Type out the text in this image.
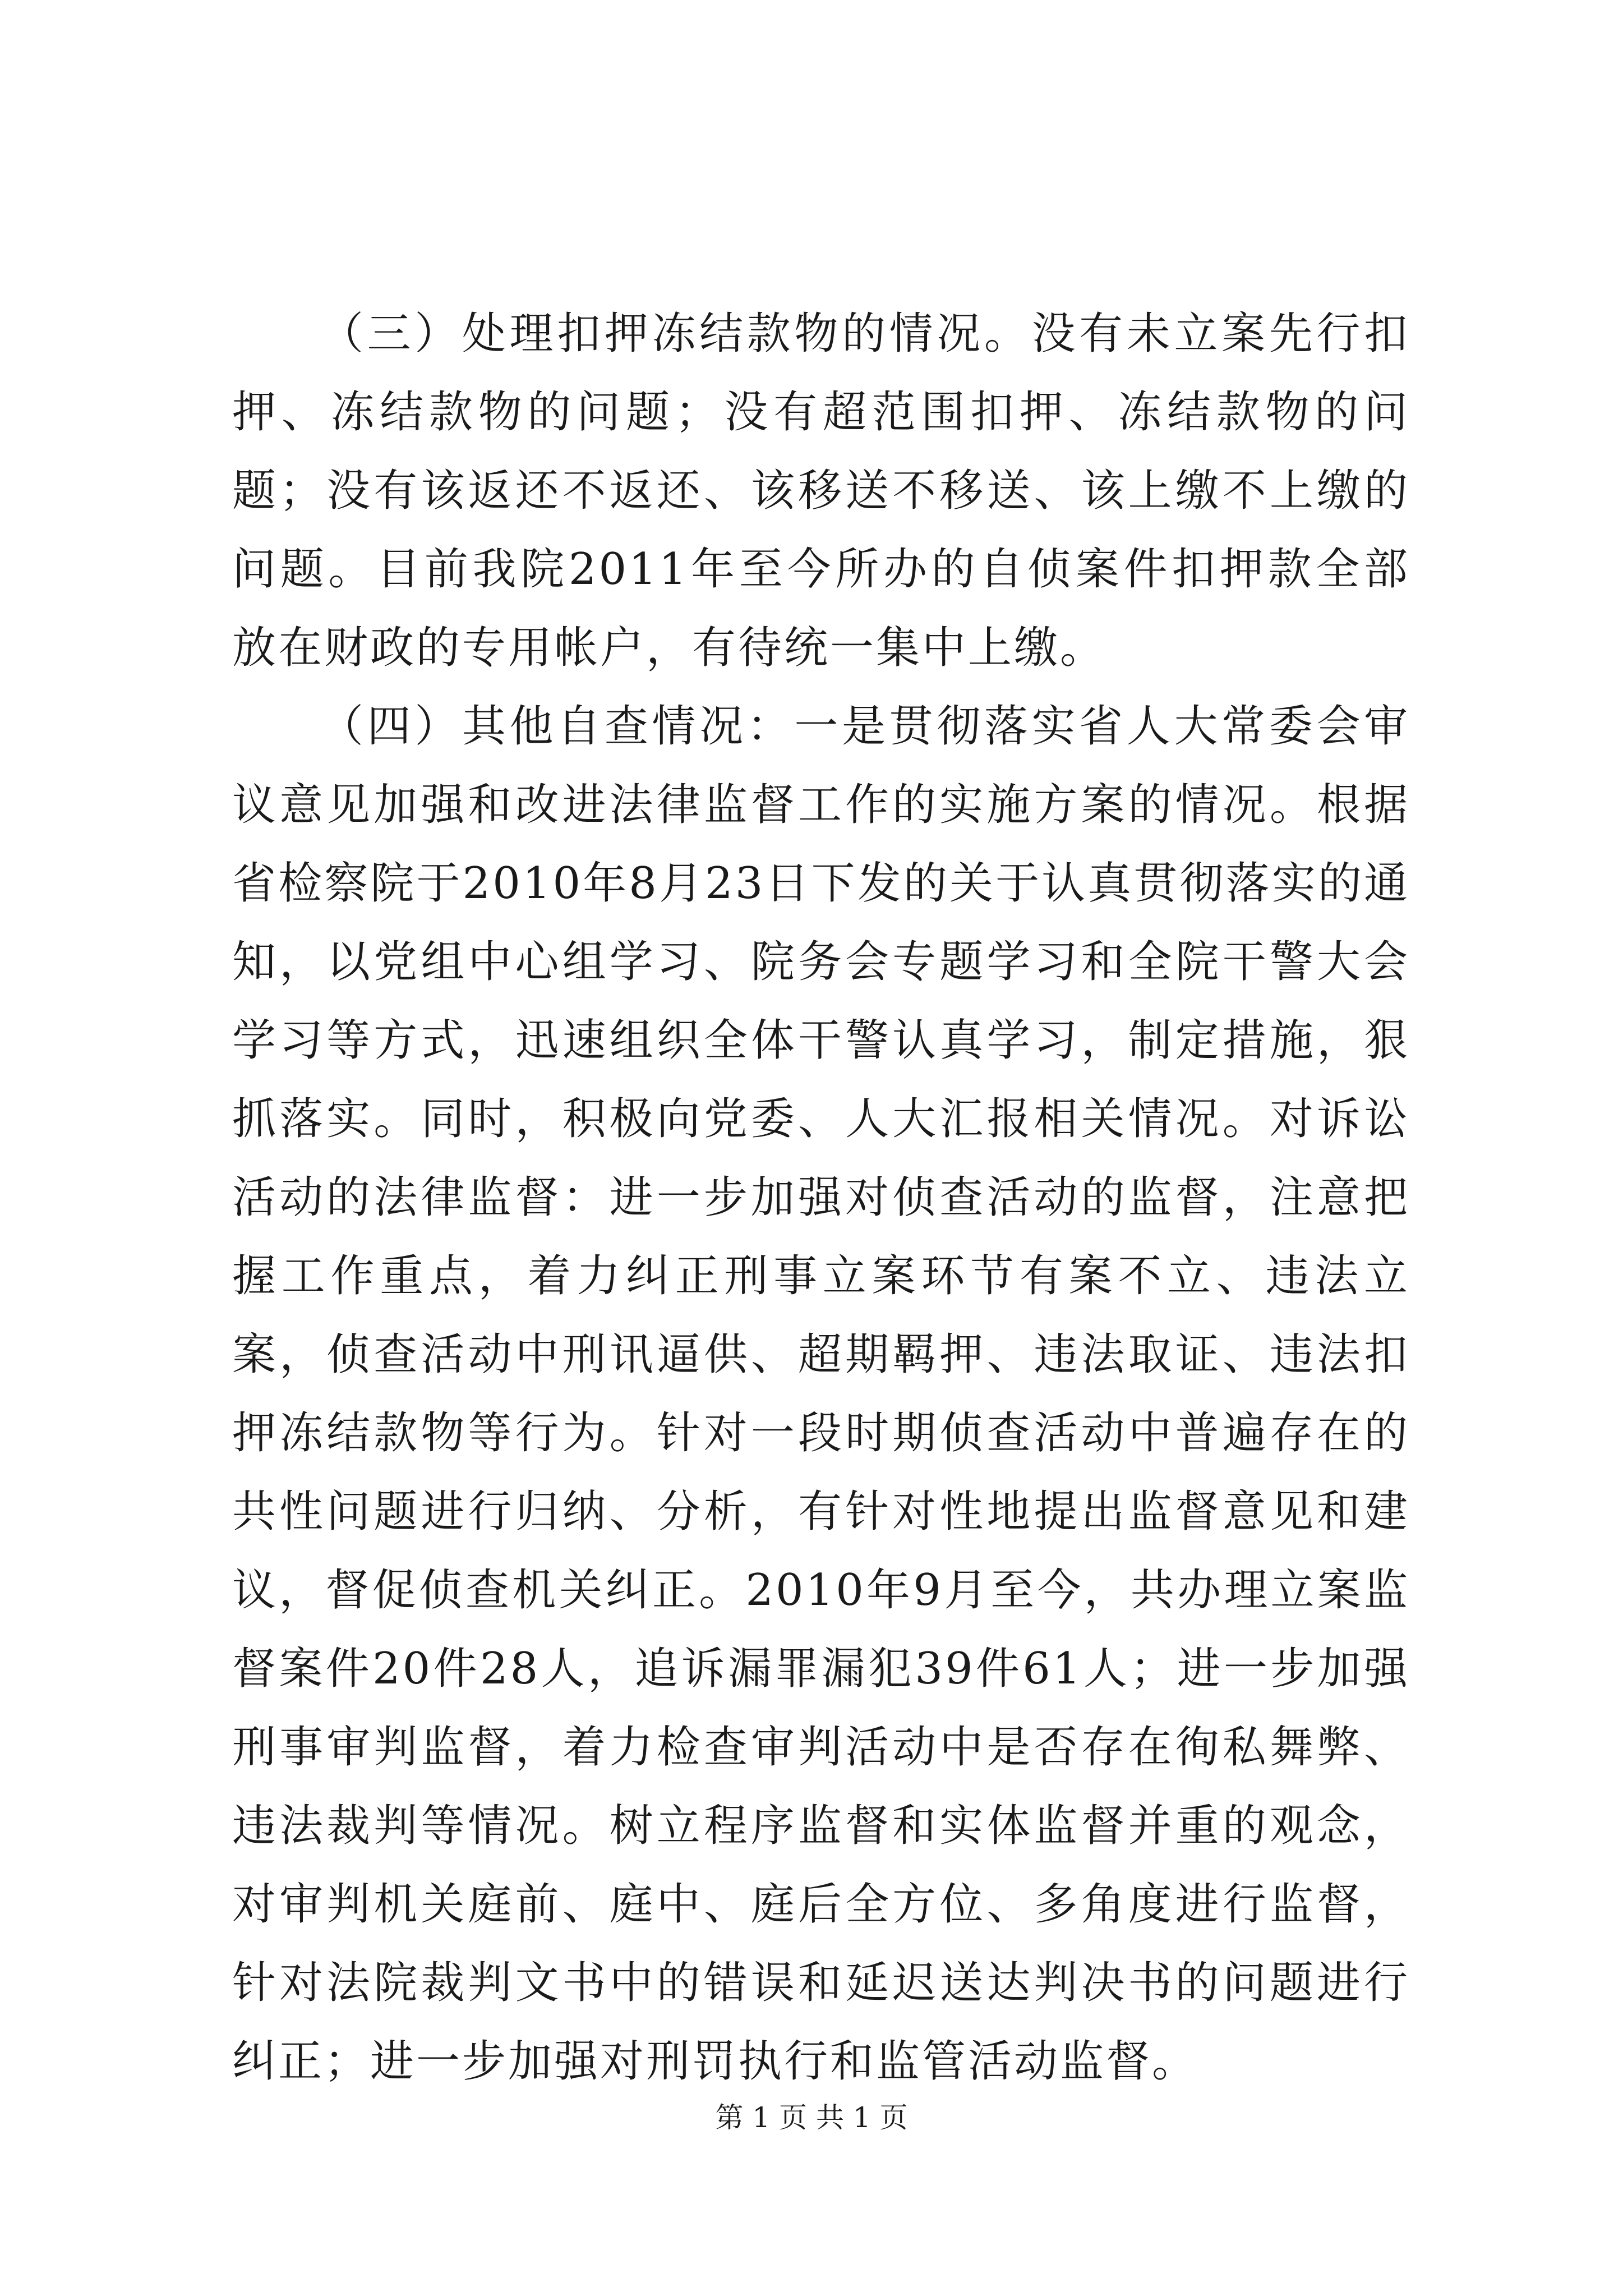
（三）处理扣押冻结款物的情况。没有未立案先行扣押、冻结款物的问题；没有超范围扣押、冻结款物的问题；没有该返还不返还、该移送不移送、该上缴不上缴的问题。目前我院2011年至今所办的自侦案件扣押款全部放在财政的专用帐户，有待统一集中上缴。

（四）其他自查情况：一是贯彻落实省人大常委会审议意见加强和改进法律监督工作的实施方案的情况。根据省检察院于2010年8月23日下发的关于认真贯彻落实的通知，以党组中心组学习、院务会专题学习和全院干警大会学习等方式，迅速组织全体干警认真学习，制定措施，狠抓落实。同时，积极向党委、人大汇报相关情况。对诉讼活动的法律监督：进一步加强对侦查活动的监督，注意把握工作重点，着力纠正刑事立案环节有案不立、违法立案，侦查活动中刑讯逼供、超期羁押、违法取证、违法扣押冻结款物等行为。针对一段时期侦查活动中普遍存在的共性问题进行归纳、分析，有针对性地提出监督意见和建议，督促侦查机关纠正。2010年9月至今，共办理立案监督案件20件28人，追诉漏罪漏犯39件61人；进一步加强刑事审判监督，着力检查审判活动中是否存在徇私舞弊、违法裁判等情况。树立程序监督和实体监督并重的观念，对审判机关庭前、庭中、庭后全方位、多角度进行监督，针对法院裁判文书中的错误和延迟送达判决书的问题进行纠正；进一步加强对刑罚执行和监管活动监督。

第 1 页 共 1 页
